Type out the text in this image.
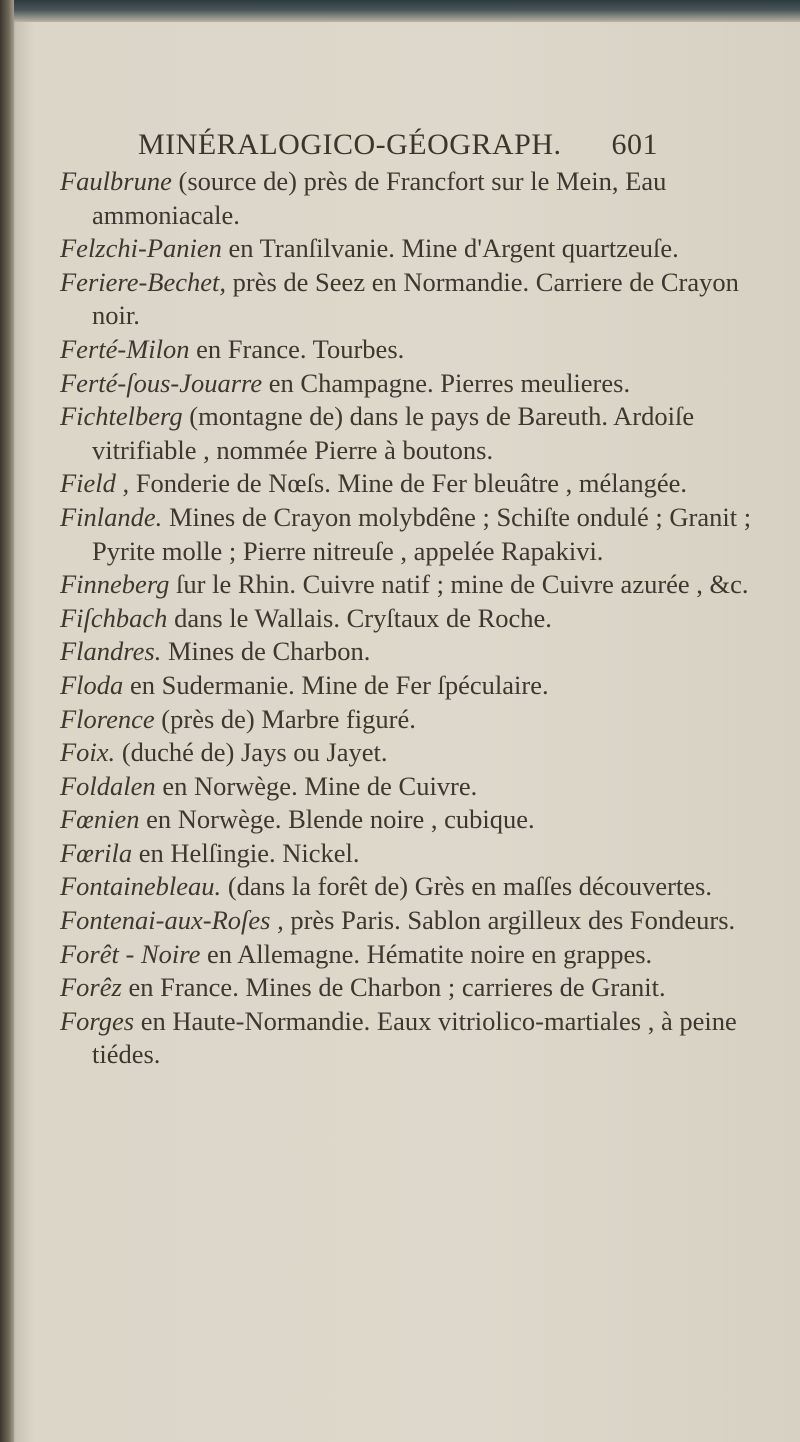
MINÉRALOGICO-GÉOGRAPH. 601
Faulbrune (source de) près de Francfort sur le Mein, Eau ammoniacale.
Felzchi-Panien en Tranſilvanie. Mine d'Argent quartzeuſe.
Feriere-Bechet, près de Seez en Normandie. Carriere de Crayon noir.
Ferté-Milon en France. Tourbes.
Ferté-ſous-Jouarre en Champagne. Pierres meulieres.
Fichtelberg (montagne de) dans le pays de Bareuth. Ardoiſe vitrifiable , nommée Pierre à boutons.
Field , Fonderie de Nœſs. Mine de Fer bleuâtre , mélangée.
Finlande. Mines de Crayon molybdêne ; Schiſte ondulé ; Granit ; Pyrite molle ; Pierre nitreuſe , appelée Rapakivi.
Finneberg ſur le Rhin. Cuivre natif ; mine de Cuivre azurée , &c.
Fiſchbach dans le Wallais. Cryſtaux de Roche.
Flandres. Mines de Charbon.
Floda en Sudermanie. Mine de Fer ſpéculaire.
Florence (près de) Marbre figuré.
Foix. (duché de) Jays ou Jayet.
Foldalen en Norwège. Mine de Cuivre.
Fœnien en Norwège. Blende noire , cubique.
Fœrila en Helſingie. Nickel.
Fontainebleau. (dans la forêt de) Grès en maſſes découvertes.
Fontenai-aux-Roſes , près Paris. Sablon argilleux des Fondeurs.
Forêt - Noire en Allemagne. Hématite noire en grappes.
Forêz en France. Mines de Charbon ; carrieres de Granit.
Forges en Haute-Normandie. Eaux vitriolico-martiales , à peine tiédes.
